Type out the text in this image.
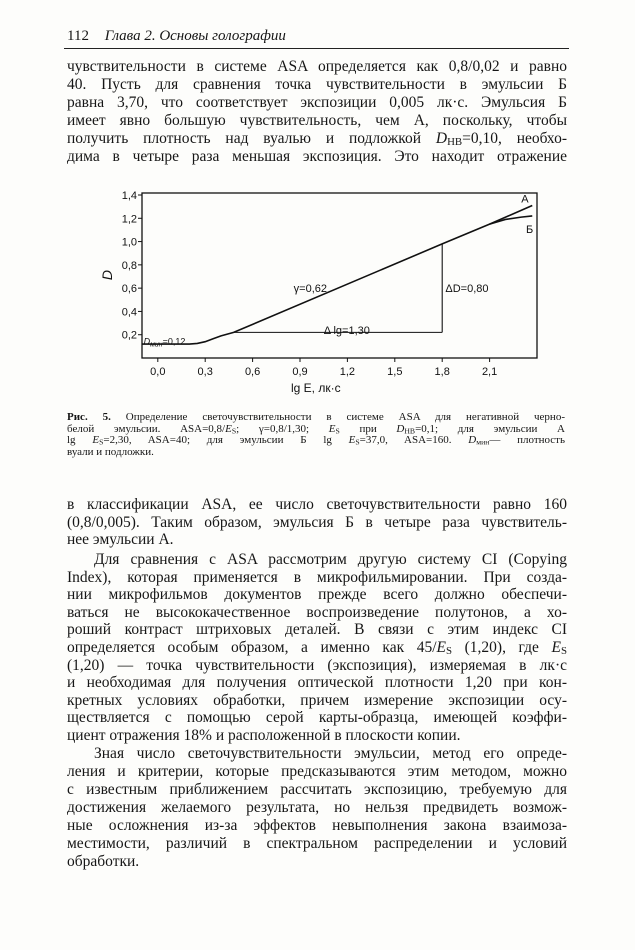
112 Глава 2. Основы голографии
чувствительности в системе ASA определяется как 0,8/0,02 и равно
40. Пусть для сравнения точка чувствительности в эмульсии Б
равна 3,70, что соответствует экспозиции 0,005 лк·с. Эмульсия Б
имеет явно большую чувствительность, чем А, поскольку, чтобы
получить плотность над вуалью и подложкой $D_{НВ}=0,10$, необхо-
дима в четыре раза меньшая экспозиция. Это находит отражение
0,0	0,3	0,6	0,9	1,2	1,5	1,8	2,1
0,2
0,4
0,6
0,8
1,0
1,2
1,4
lg E, лк·с
D
γ=0,62	ΔD=0,80
Δ lg=1,30
$D_{мин}=0,12$
А
Б
Рис. 5. Определение светочувствительности в системе ASA для негативной черно-
белой эмульсии. $ASA=0,8/E_S$; γ=0,8/1,30; $E_S$ при $D_{НВ}=0,1$; для эмульсии А
$\lg E_S=2,30$, ASA=40; для эмульсии Б $\lg E_S=37,0$, ASA=160. $D_{мин}—$ плотность
вуали и подложки.
в классификации ASA, ее число светочувствительности равно 160
(0,8/0,005). Таким образом, эмульсия Б в четыре раза чувствитель-
нее эмульсии А.
Для сравнения с ASA рассмотрим другую систему CI (Copying
Index), которая применяется в микрофильмировании. При созда-
нии микрофильмов документов прежде всего должно обеспечи-
ваться не высококачественное воспроизведение полутонов, а хо-
роший контраст штриховых деталей. В связи с этим индекс CI
определяется особым образом, а именно как $45/E_S$ (1,20), где $E_S$
(1,20) — точка чувствительности (экспозиция), измеряемая в лк·с
и необходимая для получения оптической плотности 1,20 при кон-
кретных условиях обработки, причем измерение экспозиции осу-
ществляется с помощью серой карты-образца, имеющей коэффи-
циент отражения 18% и расположенной в плоскости копии.
Зная число светочувствительности эмульсии, метод его опреде-
ления и критерии, которые предсказываются этим методом, можно
с известным приближением рассчитать экспозицию, требуемую для
достижения желаемого результата, но нельзя предвидеть возмож-
ные осложнения из-за эффектов невыполнения закона взаимоза-
местимости, различий в спектральном распределении и условий
обработки.
